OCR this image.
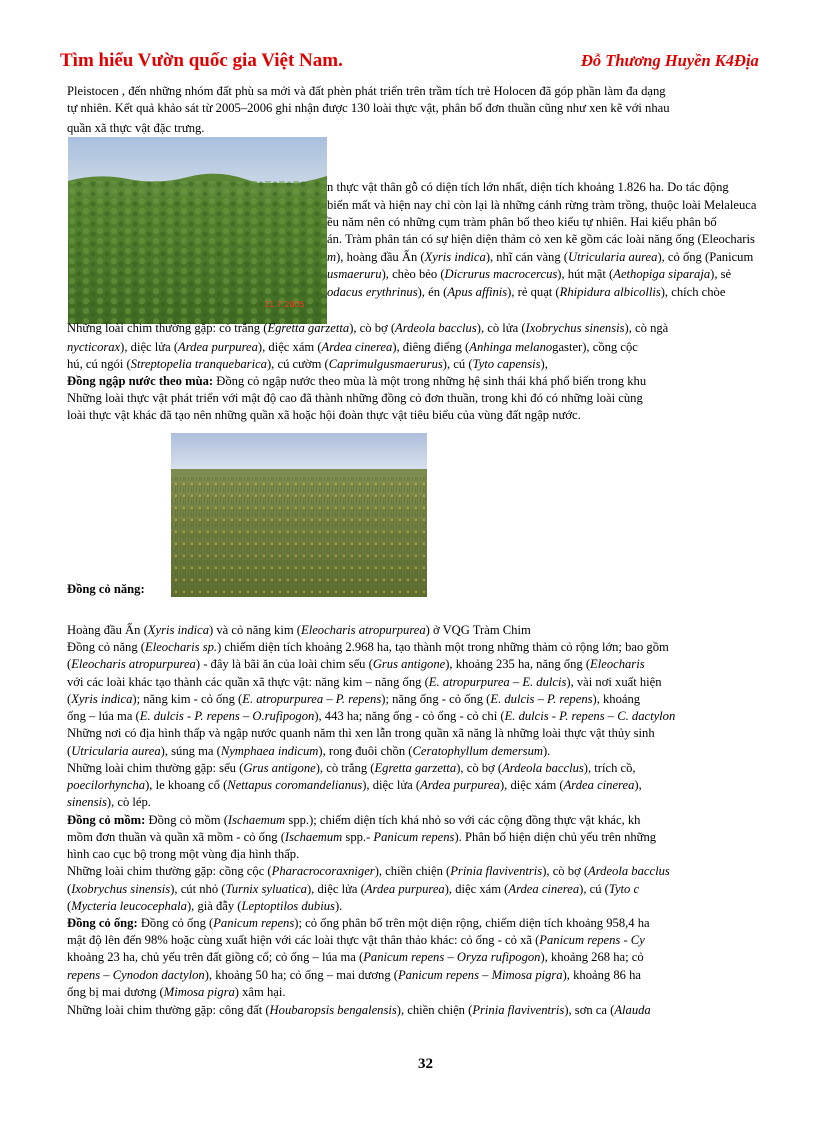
Tìm hiểu Vườn quốc gia Việt Nam.	Đỗ Thương Huyền K4Địa
11.7.2005
Pleistocen , đến những nhóm đất phù sa mới và đất phèn phát triển trên trầm tích trẻ Holocen đã góp phần làm đa dạng
tự nhiên. Kết quả khảo sát từ 2005–2006 ghi nhận được 130 loài thực vật, phân bố đơn thuần cũng như xen kẽ với nhau
quần xã thực vật đặc trưng.
n thực vật thân gỗ có diện tích lớn nhất, diện tích khoảng 1.826 ha. Do tác động
biến mất và hiện nay chỉ còn lại là những cánh rừng tràm trồng, thuộc loài Melaleuca
ều năm nên có những cụm tràm phân bố theo kiểu tự nhiên. Hai kiểu phân bố
án. Tràm phân tán có sự hiện diện thảm cỏ xen kẽ gồm các loài năng ống (Eleocharis
m), hoàng đầu Ấn (Xyris indica), nhĩ cán vàng (Utricularia aurea), cỏ ống (Panicum
usmaeruru), chèo bẻo (Dicrurus macrocercus), hút mật (Aethopiga siparaja), sẻ
odacus erythrinus), én (Apus affinis), rẻ quạt (Rhipidura albicollis), chích chòe
Những loài chim thường gặp: cò trắng (Egretta garzetta), cò bợ (Ardeola bacclus), cò lửa (Ixobrychus sinensis), cò ngà
nycticorax), diệc lửa (Ardea purpurea), diệc xám (Ardea cinerea), điêng điểng (Anhinga melanogaster), cồng cộc
hú, cú ngói (Streptopelia tranquebarica), cú cườm (Caprimulgusmaerurus), cú (Tyto capensis),
Đồng ngập nước theo mùa: Đồng cỏ ngập nước theo mùa là một trong những hệ sinh thái khá phổ biến trong khu
Những loài thực vật phát triển với mật độ cao đã thành những đồng cỏ đơn thuần, trong khi đó có những loài cùng
loài thực vật khác đã tạo nên những quần xã hoặc hội đoàn thực vật tiêu biểu của vùng đất ngập nước.
Đồng cỏ năng:
Hoàng đầu Ấn (Xyris indica) và cỏ năng kim (Eleocharis atropurpurea) ở VQG Tràm Chim
Đồng cỏ năng (Eleocharis sp.) chiếm diện tích khoảng 2.968 ha, tạo thành một trong những thảm cỏ rộng lớn; bao gồm
(Eleocharis atropurpurea) - đây là bãi ăn của loài chim sếu (Grus antigone), khoảng 235 ha, năng ống (Eleocharis
với các loài khác tạo thành các quần xã thực vật: năng kim – năng ống (E. atropurpurea – E. dulcis), vài nơi xuất hiện
(Xyris indica); năng kim - cỏ ống (E. atropurpurea – P. repens); năng ống - cỏ ống (E. dulcis – P. repens), khoảng
ống – lúa ma (E. dulcis - P. repens – O.rufipogon), 443 ha; năng ống - cỏ ống - cỏ chỉ (E. dulcis - P. repens – C. dactylon
Những nơi có địa hình thấp và ngập nước quanh năm thì xen lẫn trong quần xã năng là những loài thực vật thủy sinh
(Utricularia aurea), súng ma (Nymphaea indicum), rong đuôi chồn (Ceratophyllum demersum).
Những loài chim thường gặp: sếu (Grus antigone), cò trắng (Egretta garzetta), cò bợ (Ardeola bacclus), trích cồ,
poecilorhyncha), le khoang cổ (Nettapus coromandelianus), diệc lửa (Ardea purpurea), diệc xám (Ardea cinerea),
sinensis), cò lép.
Đồng cỏ mồm: Đồng cỏ mồm (Ischaemum spp.); chiếm diện tích khá nhỏ so với các cộng đồng thực vật khác, kh
mồm đơn thuần và quần xã mồm - cỏ ống (Ischaemum spp.- Panicum repens). Phân bố hiện diện chủ yếu trên những
hình cao cục bộ trong một vùng địa hình thấp.
Những loài chim thường gặp: cồng cộc (Pharacrocoraxniger), chiền chiện (Prinia flaviventris), cò bợ (Ardeola bacclus
(Ixobrychus sinensis), cút nhỏ (Turnix syluatica), diệc lửa (Ardea purpurea), diệc xám (Ardea cinerea), cú (Tyto c
(Mycteria leucocephala), già đẫy (Leptoptilos dubius).
Đồng cỏ ống: Đồng cỏ ống (Panicum repens); cỏ ống phân bố trên một diện rộng, chiếm diện tích khoảng 958,4 ha
mật độ lên đến 98% hoặc cùng xuất hiện với các loài thực vật thân thảo khác: cỏ ống - cỏ xã (Panicum repens - Cy
khoảng 23 ha, chủ yếu trên đất giồng cổ; cỏ ống – lúa ma (Panicum repens – Oryza rufipogon), khoảng 268 ha; cỏ
repens – Cynodon dactylon), khoảng 50 ha; cỏ ống – mai dương (Panicum repens – Mimosa pigra), khoảng 86 ha
ống bị mai dương (Mimosa pigra) xâm hại.
Những loài chim thường gặp: công đất (Houbaropsis bengalensis), chiền chiện (Prinia flaviventris), sơn ca (Alauda
32
